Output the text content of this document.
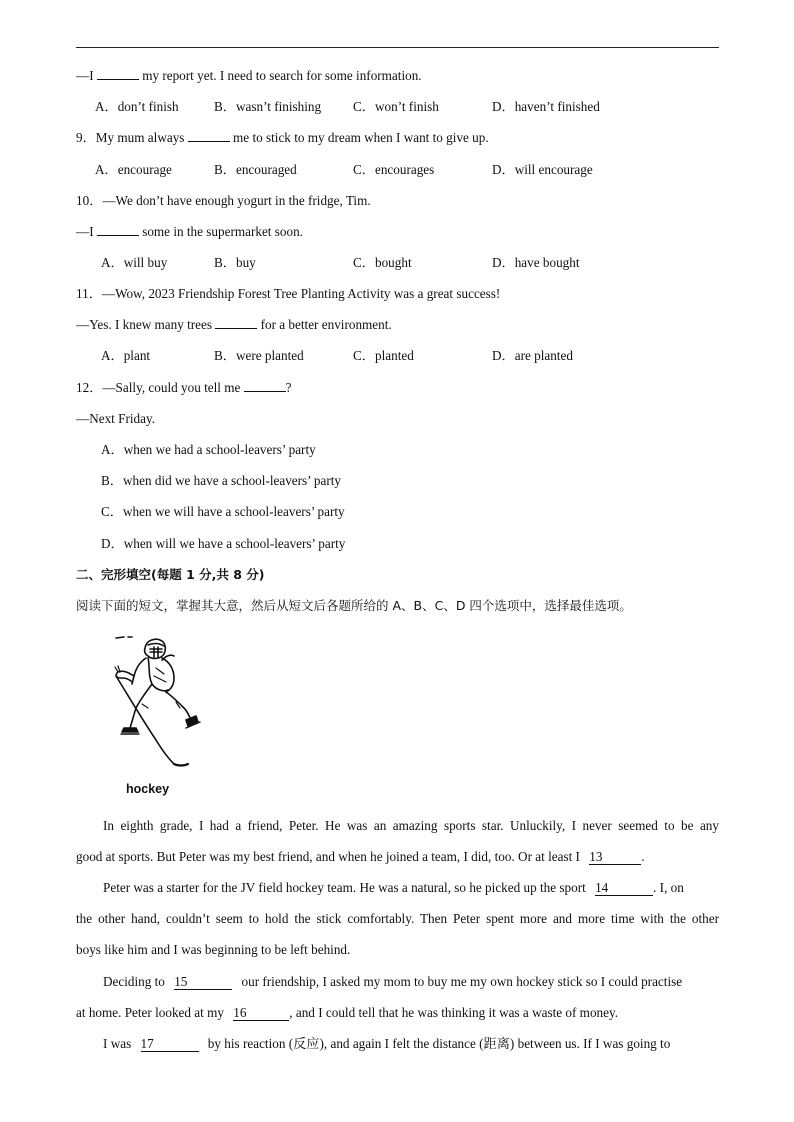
—I	my report yet. I need to search for some information.
A．don’t finish	B．wasn’t finishing C．won’t finish	D．haven’t finished
9．My mum always	me to stick to my dream when I want to give up.
A．encourage	B．encouraged	C．encourages	D．will encourage
10．—We don’t have enough yogurt in the fridge, Tim.
—I	some in the supermarket soon.
A．will buy	B．buy	C．bought	D．have bought
11．—Wow, 2023 Friendship Forest Tree Planting Activity was a great success!
—Yes. I knew many trees	for a better environment.
A．plant	B．were planted	C．planted	D．are planted
12．—Sally, could you tell me	?
—Next Friday.
A．when we had a school-leavers’ party
B．when did we have a school-leavers’ party
C．when we will have a school-leavers’ party
D．when will we have a school-leavers’ party
二、完形填空(每题 1 分,共 8 分)
阅读下面的短文，掌握其大意，然后从短文后各题所给的 A、B、C、D 四个选项中，选择最佳选项。
hockey
In eighth grade, I had a friend, Peter. He was an amazing sports star. Unluckily, I never seemed to be any
good at sports. But Peter was my best friend, and when he joined a team, I did, too. Or at least I 13	.
Peter was a starter for the JV field hockey team. He was a natural, so he picked up the sport 14	. I, on
the other hand, couldn’t seem to hold the stick comfortably. Then Peter spent more and more time with the other
boys like him and I was beginning to be left behind.
Deciding to 15	our friendship, I asked my mom to buy me my own hockey stick so I could practise
at home. Peter looked at my 16	, and I could tell that he was thinking it was a waste of money.
I was 17	by his reaction (反应), and again I felt the distance (距离) between us. If I was going to
